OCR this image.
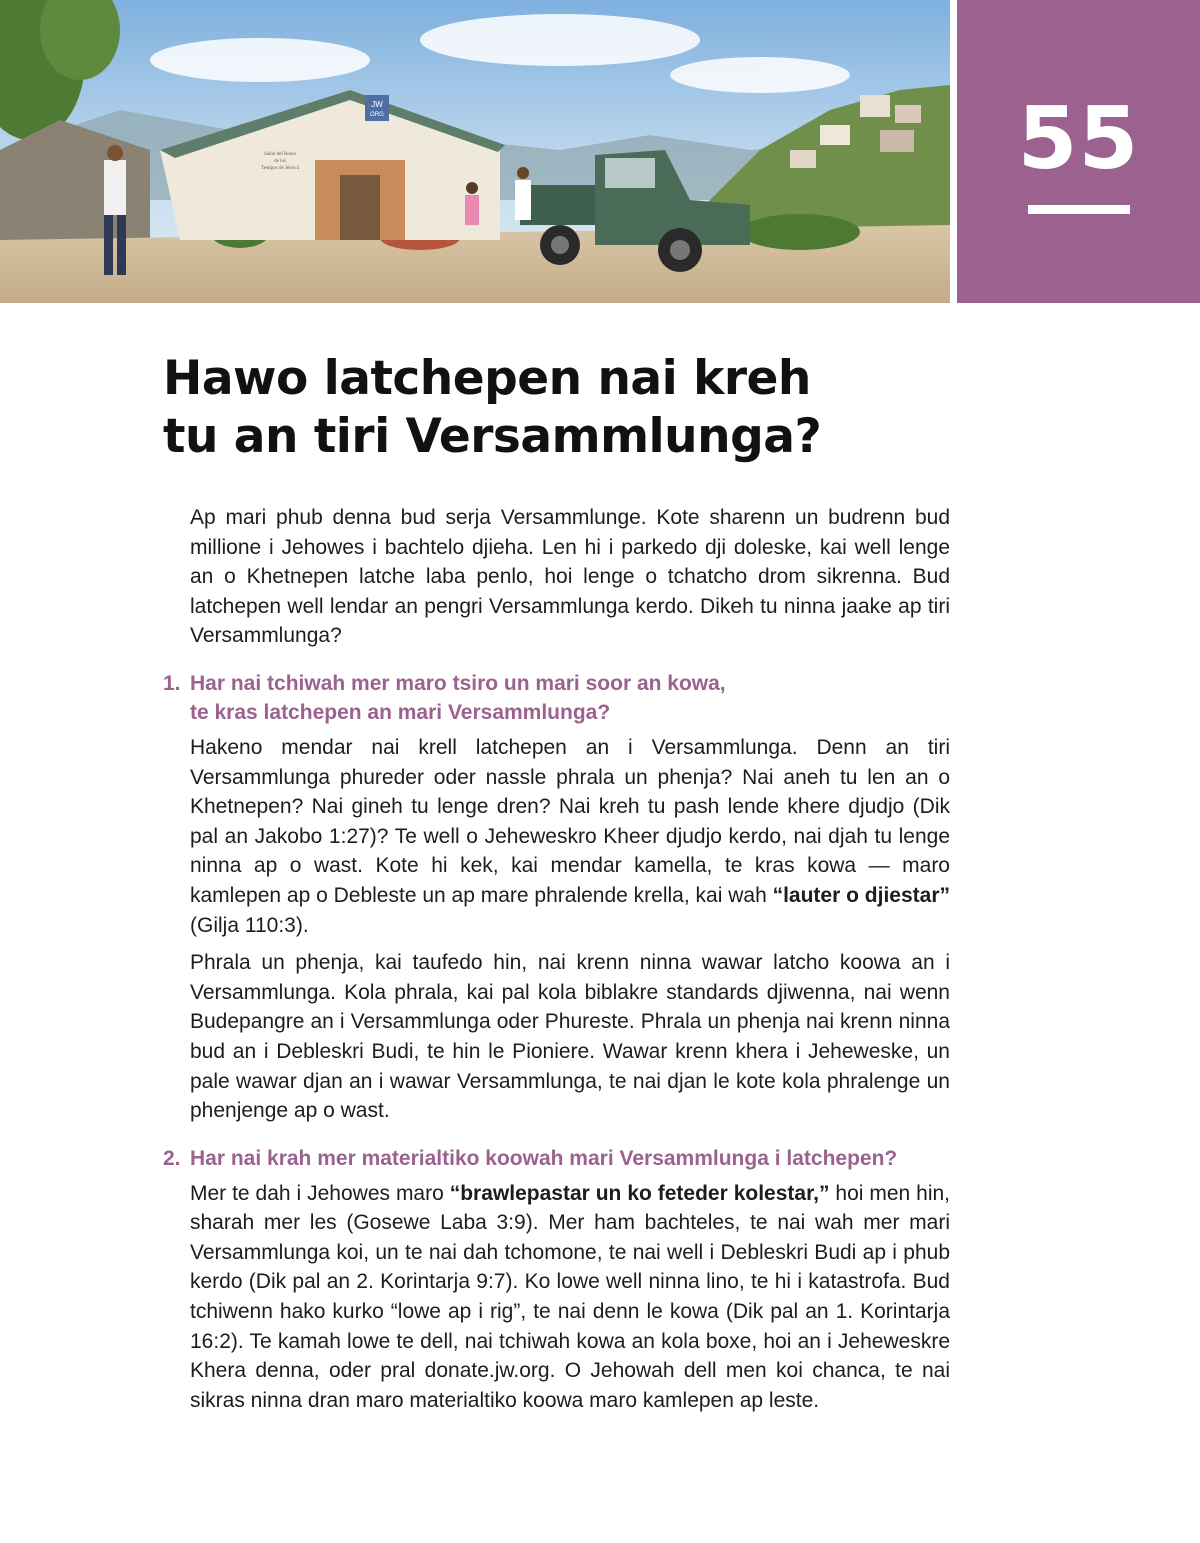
JW
ORG
Salón del Reino
de los
Testigos de Jehová	55
Hawo latchepen nai kreh
tu an tiri Versammlunga?

Ap mari phub denna bud serja Versammlunge. Kote sharenn un budrenn bud millione i Jehowes i bachtelo djieha. Len hi i parkedo dji doleske, kai well lenge an o Khetnepen latche laba penlo, hoi lenge o tchatcho drom sikrenna. Bud latchepen well lendar an pengri Versammlunga kerdo. Dikeh tu ninna jaake ap tiri Versammlunga?

1. Har nai tchiwah mer maro tsiro un mari soor an kowa,
te kras latchepen an mari Versammlunga?

Hakeno mendar nai krell latchepen an i Versammlunga. Denn an tiri Versammlunga phureder oder nassle phrala un phenja? Nai aneh tu len an o Khetnepen? Nai gineh tu lenge dren? Nai kreh tu pash lende khere djudjo (Dik pal an Jakobo 1:27)? Te well o Jeheweskro Kheer djudjo kerdo, nai djah tu lenge ninna ap o wast. Kote hi kek, kai mendar kamella, te kras kowa — maro kamlepen ap o Debleste un ap mare phralende krella, kai wah “lauter o djiestar” (Gilja 110:3).

Phrala un phenja, kai taufedo hin, nai krenn ninna wawar latcho koowa an i Versammlunga. Kola phrala, kai pal kola biblakre standards djiwenna, nai wenn Budepangre an i Versammlunga oder Phureste. Phrala un phenja nai krenn ninna bud an i Debleskri Budi, te hin le Pioniere. Wawar krenn khera i Jeheweske, un pale wawar djan an i wawar Versammlunga, te nai djan le kote kola phralenge un phenjenge ap o wast.

2. Har nai krah mer materialtiko koowah mari Versammlunga i latchepen?

Mer te dah i Jehowes maro “brawlepastar un ko feteder kolestar,” hoi men hin, sharah mer les (Gosewe Laba 3:9). Mer ham bachteles, te nai wah mer mari Versammlunga koi, un te nai dah tchomone, te nai well i Debleskri Budi ap i phub kerdo (Dik pal an 2. Korintarja 9:7). Ko lowe well ninna lino, te hi i katastrofa. Bud tchiwenn hako kurko “lowe ap i rig”, te nai denn le kowa (Dik pal an 1. Korintarja 16:2). Te kamah lowe te dell, nai tchiwah kowa an kola boxe, hoi an i Jeheweskre Khera denna, oder pral donate.jw.org. O Jehowah dell men koi chanca, te nai sikras ninna dran maro materialtiko koowa maro kamlepen ap leste.
